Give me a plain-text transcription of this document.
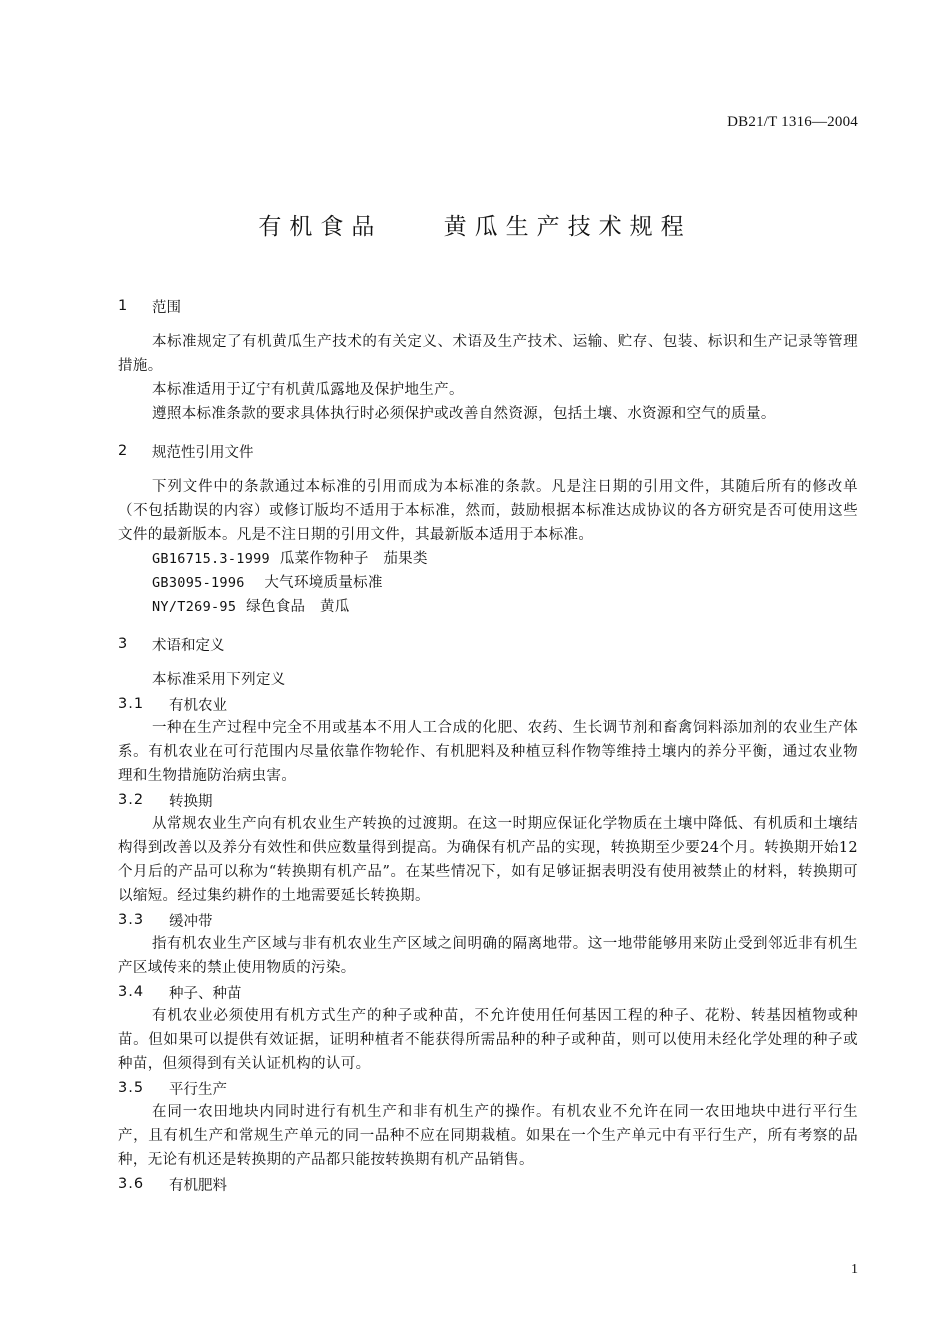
DB21/T 1316—2004
有机食品    黄瓜生产技术规程
1	范围

本标准规定了有机黄瓜生产技术的有关定义、术语及生产技术、运输、贮存、包装、标识和生产记录等管理措施。

本标准适用于辽宁有机黄瓜露地及保护地生产。

遵照本标准条款的要求具体执行时必须保护或改善自然资源，包括土壤、水资源和空气的质量。

2	规范性引用文件

下列文件中的条款通过本标准的引用而成为本标准的条款。凡是注日期的引用文件，其随后所有的修改单（不包括勘误的内容）或修订版均不适用于本标准，然而，鼓励根据本标准达成协议的各方研究是否可使用这些文件的最新版本。凡是不注日期的引用文件，其最新版本适用于本标准。

GB16715.3-1999  瓜菜作物种子   茄果类
GB3095-1996    大气环境质量标准
NY/T269-95  绿色食品   黄瓜
3	术语和定义

本标准采用下列定义

3.1	有机农业

一种在生产过程中完全不用或基本不用人工合成的化肥、农药、生长调节剂和畜禽饲料添加剂的农业生产体系。有机农业在可行范围内尽量依靠作物轮作、有机肥料及种植豆科作物等维持土壤内的养分平衡，通过农业物理和生物措施防治病虫害。

3.2	转换期

从常规农业生产向有机农业生产转换的过渡期。在这一时期应保证化学物质在土壤中降低、有机质和土壤结构得到改善以及养分有效性和供应数量得到提高。为确保有机产品的实现，转换期至少要24个月。转换期开始12个月后的产品可以称为“转换期有机产品”。在某些情况下，如有足够证据表明没有使用被禁止的材料，转换期可以缩短。经过集约耕作的土地需要延长转换期。

3.3	缓冲带

指有机农业生产区域与非有机农业生产区域之间明确的隔离地带。这一地带能够用来防止受到邻近非有机生产区域传来的禁止使用物质的污染。

3.4	种子、种苗

有机农业必须使用有机方式生产的种子或种苗，不允许使用任何基因工程的种子、花粉、转基因植物或种苗。但如果可以提供有效证据，证明种植者不能获得所需品种的种子或种苗，则可以使用未经化学处理的种子或种苗，但须得到有关认证机构的认可。

3.5	平行生产

在同一农田地块内同时进行有机生产和非有机生产的操作。有机农业不允许在同一农田地块中进行平行生产，且有机生产和常规生产单元的同一品种不应在同期栽植。如果在一个生产单元中有平行生产，所有考察的品种，无论有机还是转换期的产品都只能按转换期有机产品销售。

3.6	有机肥料
1
